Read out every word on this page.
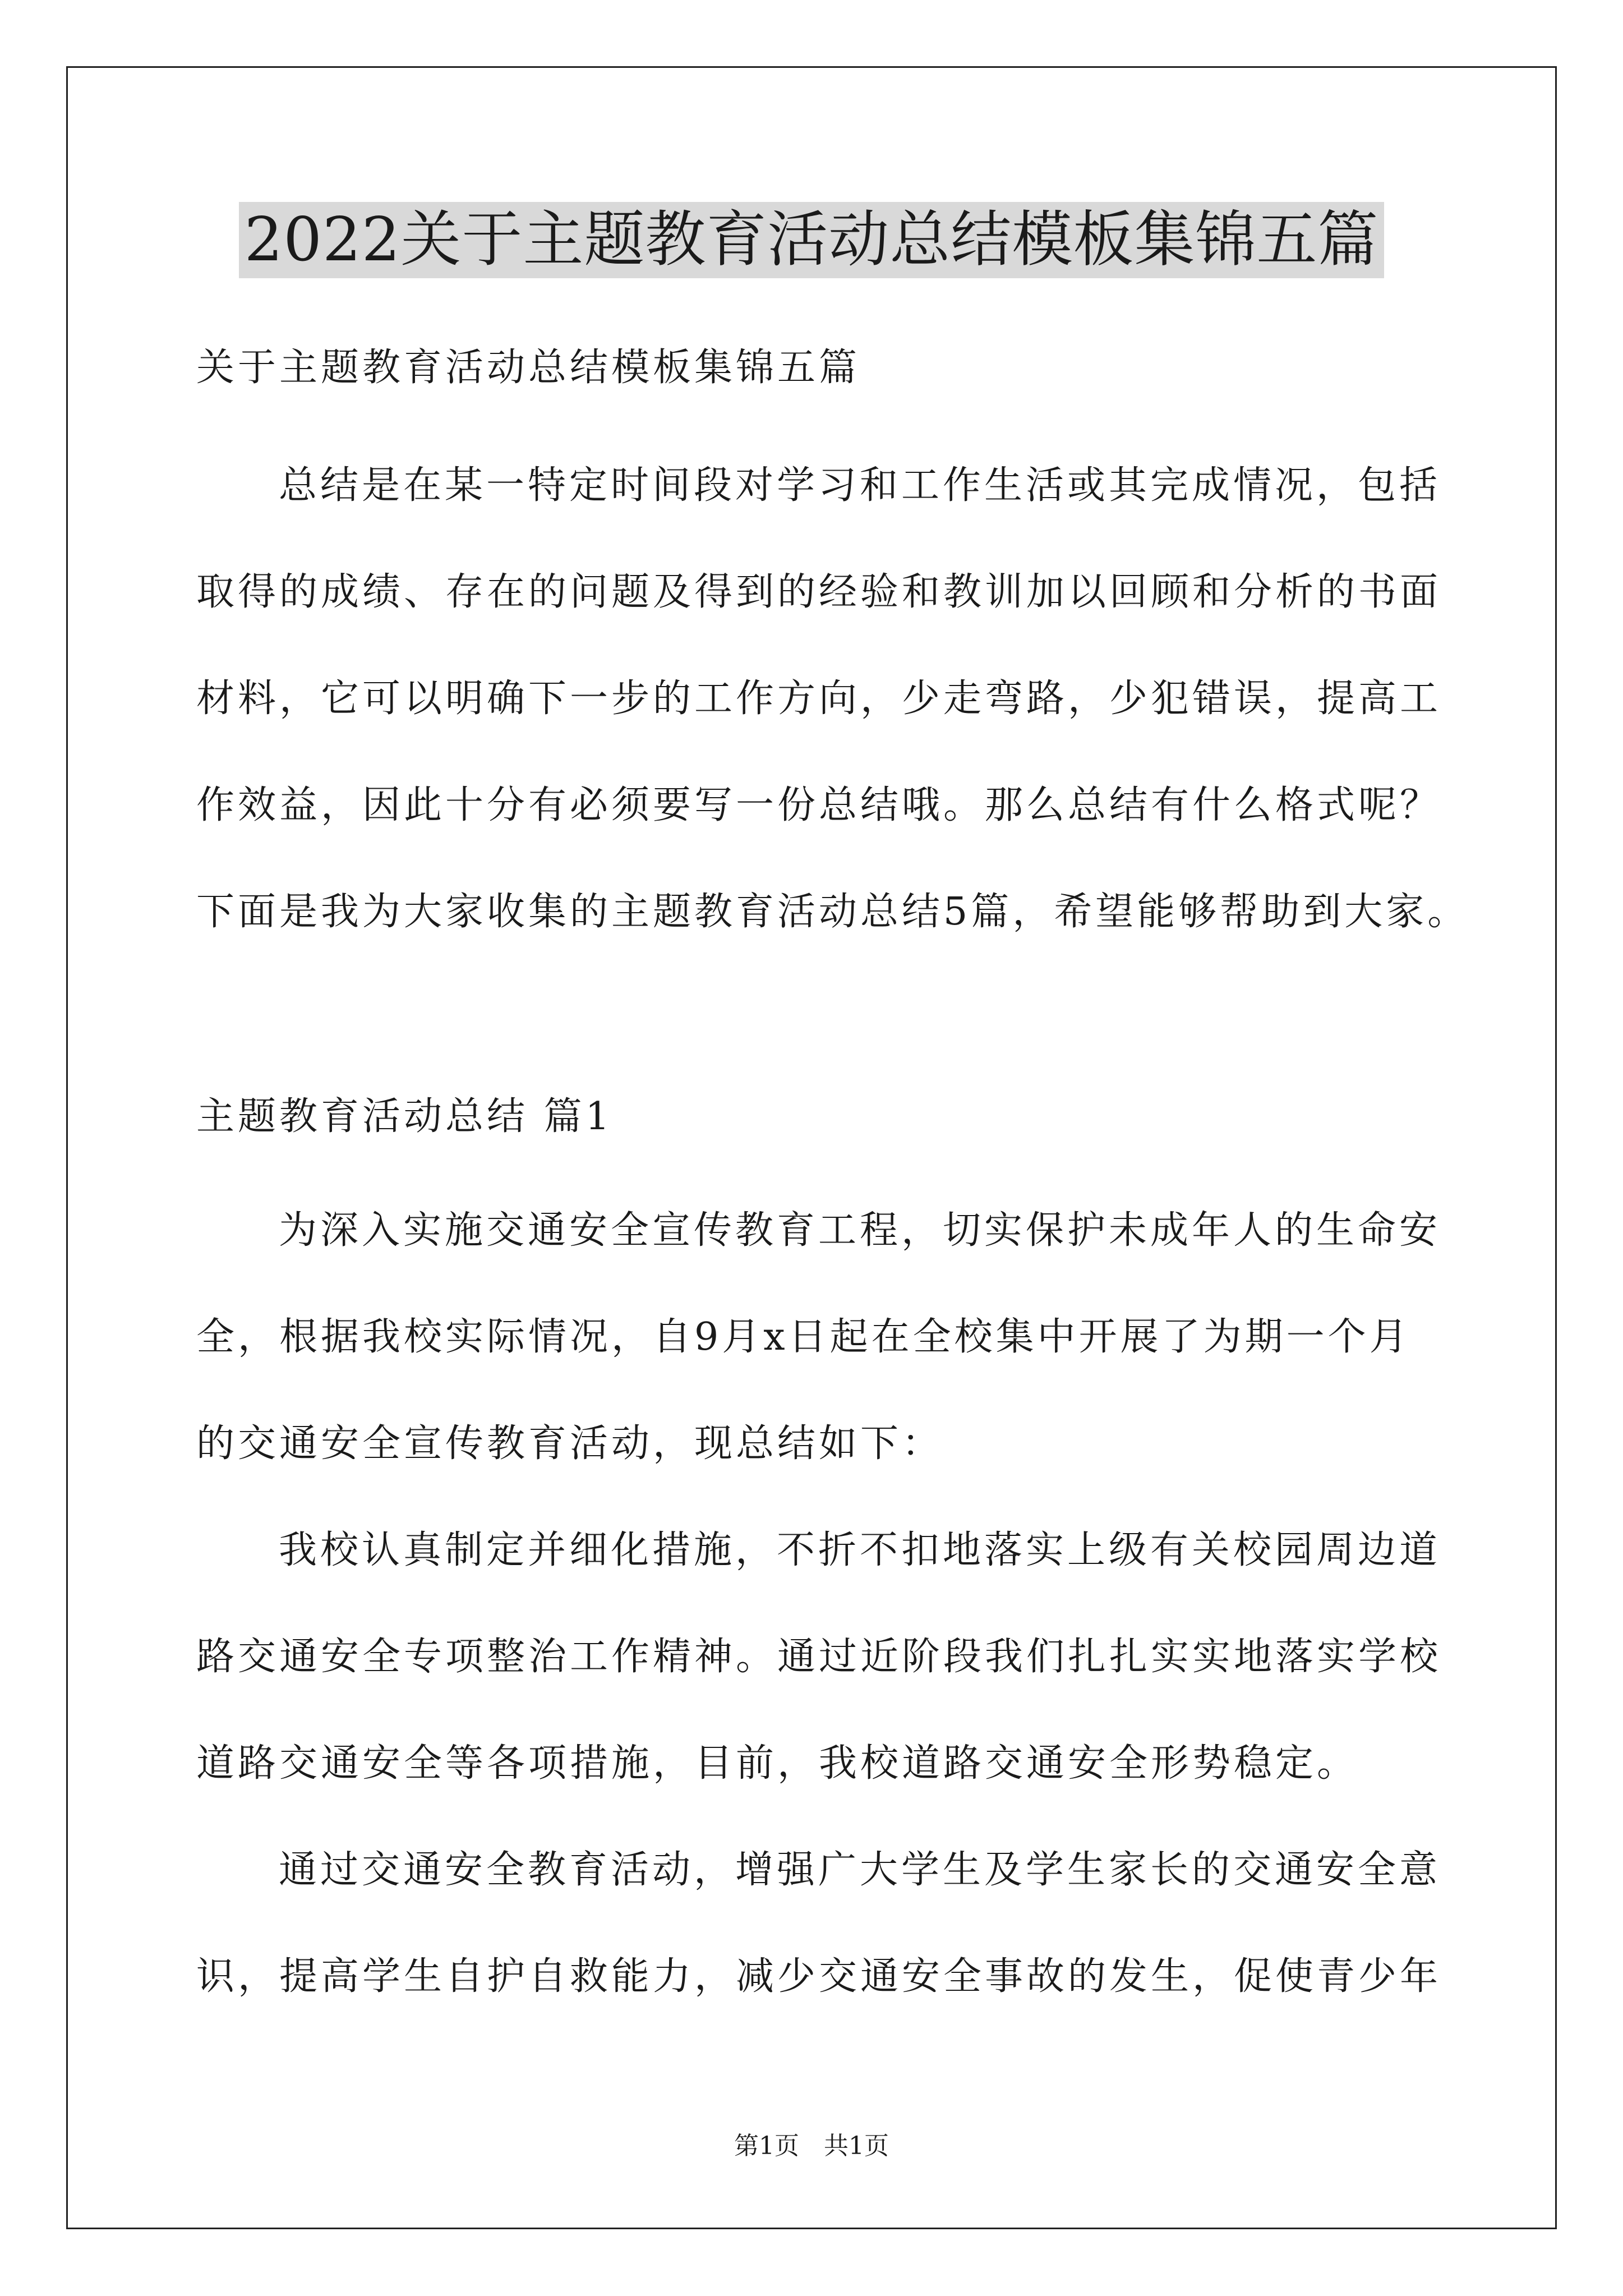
2022关于主题教育活动总结模板集锦五篇
关于主题教育活动总结模板集锦五篇
总结是在某一特定时间段对学习和工作生活或其完成情况，包括
取得的成绩、存在的问题及得到的经验和教训加以回顾和分析的书面
材料，它可以明确下一步的工作方向，少走弯路，少犯错误，提高工
作效益，因此十分有必须要写一份总结哦。那么总结有什么格式呢？
下面是我为大家收集的主题教育活动总结5篇，希望能够帮助到大家。
主题教育活动总结 篇1
为深入实施交通安全宣传教育工程，切实保护未成年人的生命安
全，根据我校实际情况，自9月x日起在全校集中开展了为期一个月
的交通安全宣传教育活动，现总结如下：
我校认真制定并细化措施，不折不扣地落实上级有关校园周边道
路交通安全专项整治工作精神。通过近阶段我们扎扎实实地落实学校
道路交通安全等各项措施，目前，我校道路交通安全形势稳定。
通过交通安全教育活动，增强广大学生及学生家长的交通安全意
识，提高学生自护自救能力，减少交通安全事故的发生，促使青少年
第1页　共1页
